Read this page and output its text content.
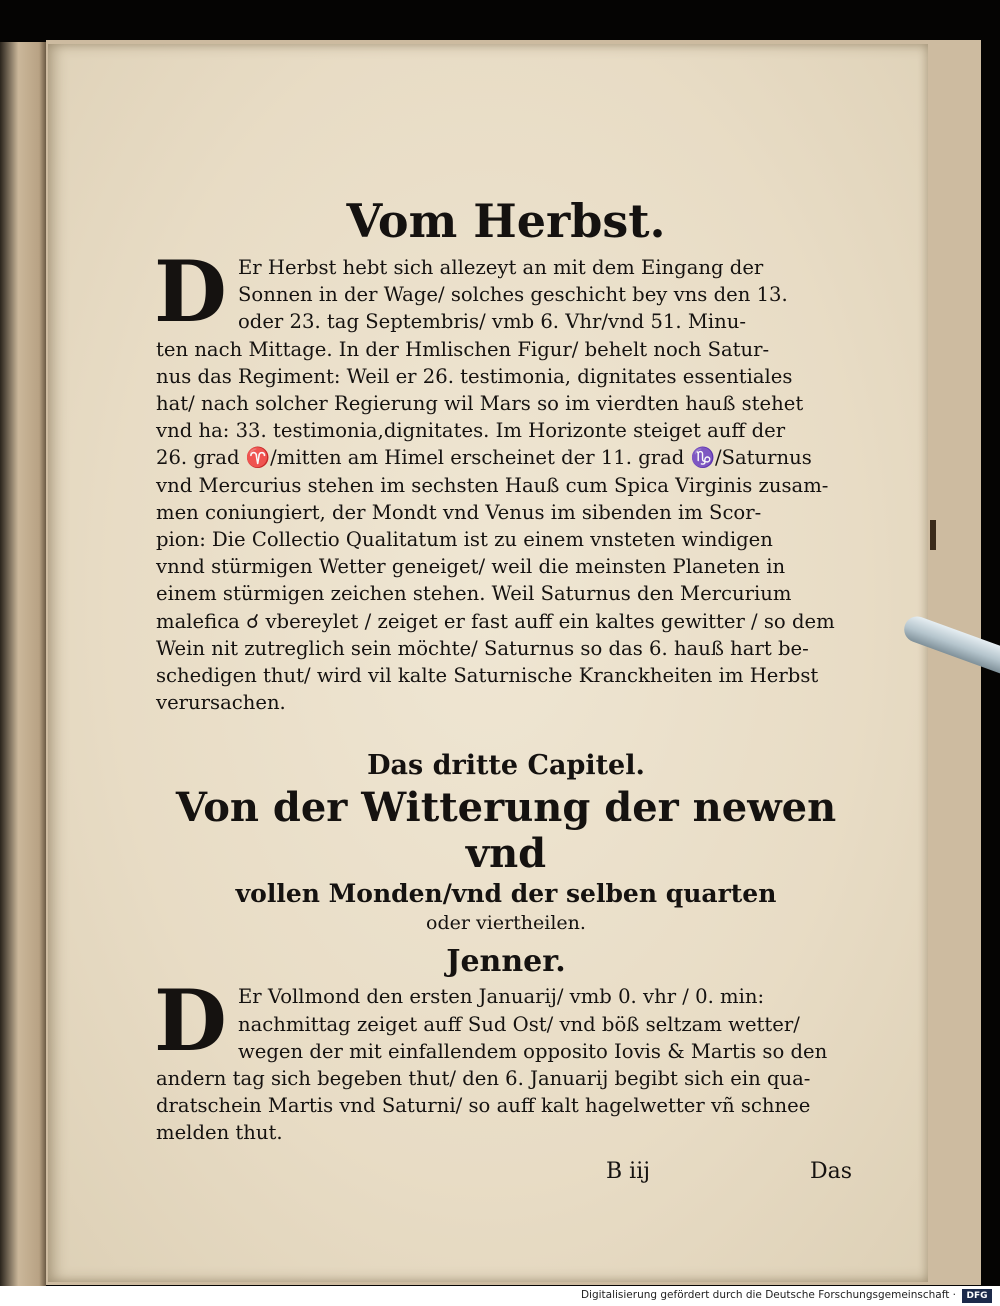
Vom Herbst.
D Er Herbst hebt sich allezeyt an mit dem Eingang der

Sonnen in der Wage/ solches geschicht bey vns den 13.

oder 23. tag Septembris/ vmb 6. Vhr/vnd 51. Minu-

ten nach Mittage. In der Hmlischen Figur/ behelt noch Satur-

nus das Regiment: Weil er 26. testimonia, dignitates essentiales

hat/ nach solcher Regierung wil Mars so im vierdten hauß stehet

vnd ha: 33. testimonia,dignitates. Im Horizonte steiget auff der

26. grad ♈/mitten am Himel erscheinet der 11. grad ♑/Saturnus

vnd Mercurius stehen im sechsten Hauß cum Spica Virginis zusam-

men coniungiert, der Mondt vnd Venus im sibenden im Scor-

pion: Die Collectio Qualitatum ist zu einem vnsteten windigen

vnnd stürmigen Wetter geneiget/ weil die meinsten Planeten in

einem stürmigen zeichen stehen. Weil Saturnus den Mercurium

malefica ☌ vbereylet / zeiget er fast auff ein kaltes gewitter / so dem

Wein nit zutreglich sein möchte/ Saturnus so das 6. hauß hart be-

schedigen thut/ wird vil kalte Saturnische Kranckheiten im Herbst

verursachen.

Das dritte Capitel.
Von der Witterung der newen vnd
vollen Monden/vnd der selben quarten
oder viertheilen.
Jenner.
D Er Vollmond den ersten Januarij/ vmb 0. vhr / 0. min:

nachmittag zeiget auff Sud Ost/ vnd böß seltzam wetter/

wegen der mit einfallendem opposito Iovis & Martis so den

andern tag sich begeben thut/ den 6. Januarij begibt sich ein qua-

dratschein Martis vnd Saturni/ so auff kalt hagelwetter vñ schnee

melden thut.

B iij	Das
Digitalisierung gefördert durch die Deutsche Forschungsgemeinschaft ·	DFG
